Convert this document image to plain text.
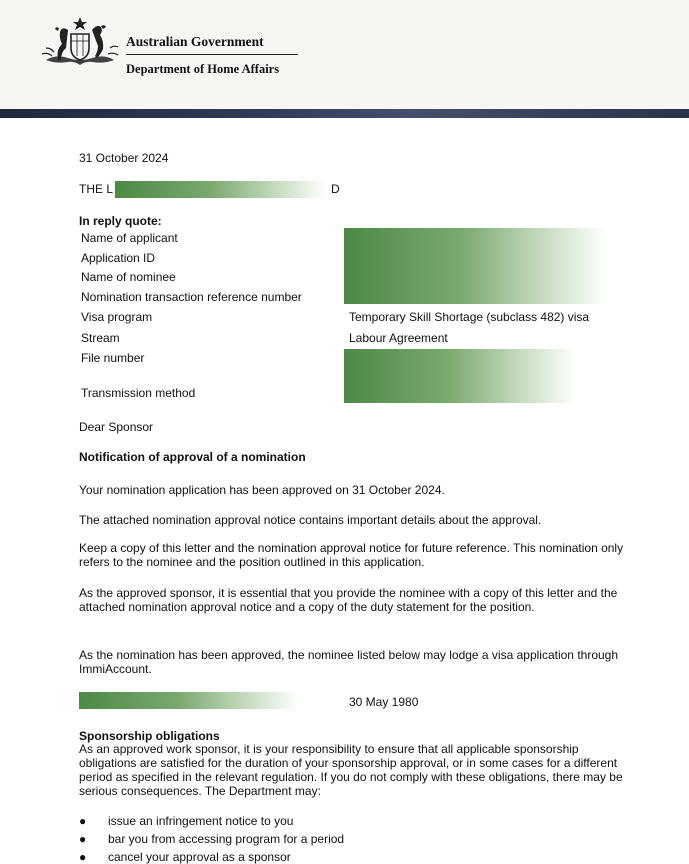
Australian Government
Department of Home Affairs
31 October 2024
THE L	D
In reply quote:
Name of applicant
Application ID
Name of nominee
Nomination transaction reference number
Visa program
Stream
File number
Transmission method
Temporary Skill Shortage (subclass 482) visa
Labour Agreement
Dear Sponsor
Notification of approval of a nomination
Your nomination application has been approved on 31 October 2024.
The attached nomination approval notice contains important details about the approval.
Keep a copy of this letter and the nomination approval notice for future reference. This nomination only refers to the nominee and the position outlined in this application.
As the approved sponsor, it is essential that you provide the nominee with a copy of this letter and the attached nomination approval notice and a copy of the duty statement for the position.
As the nomination has been approved, the nominee listed below may lodge a visa application through ImmiAccount.
30 May 1980
Sponsorship obligations
As an approved work sponsor, it is your responsibility to ensure that all applicable sponsorship obligations are satisfied for the duration of your sponsorship approval, or in some cases for a different period as specified in the relevant regulation. If you do not comply with these obligations, there may be serious consequences. The Department may:
● issue an infringement notice to you
● bar you from accessing program for a period
● cancel your approval as a sponsor
